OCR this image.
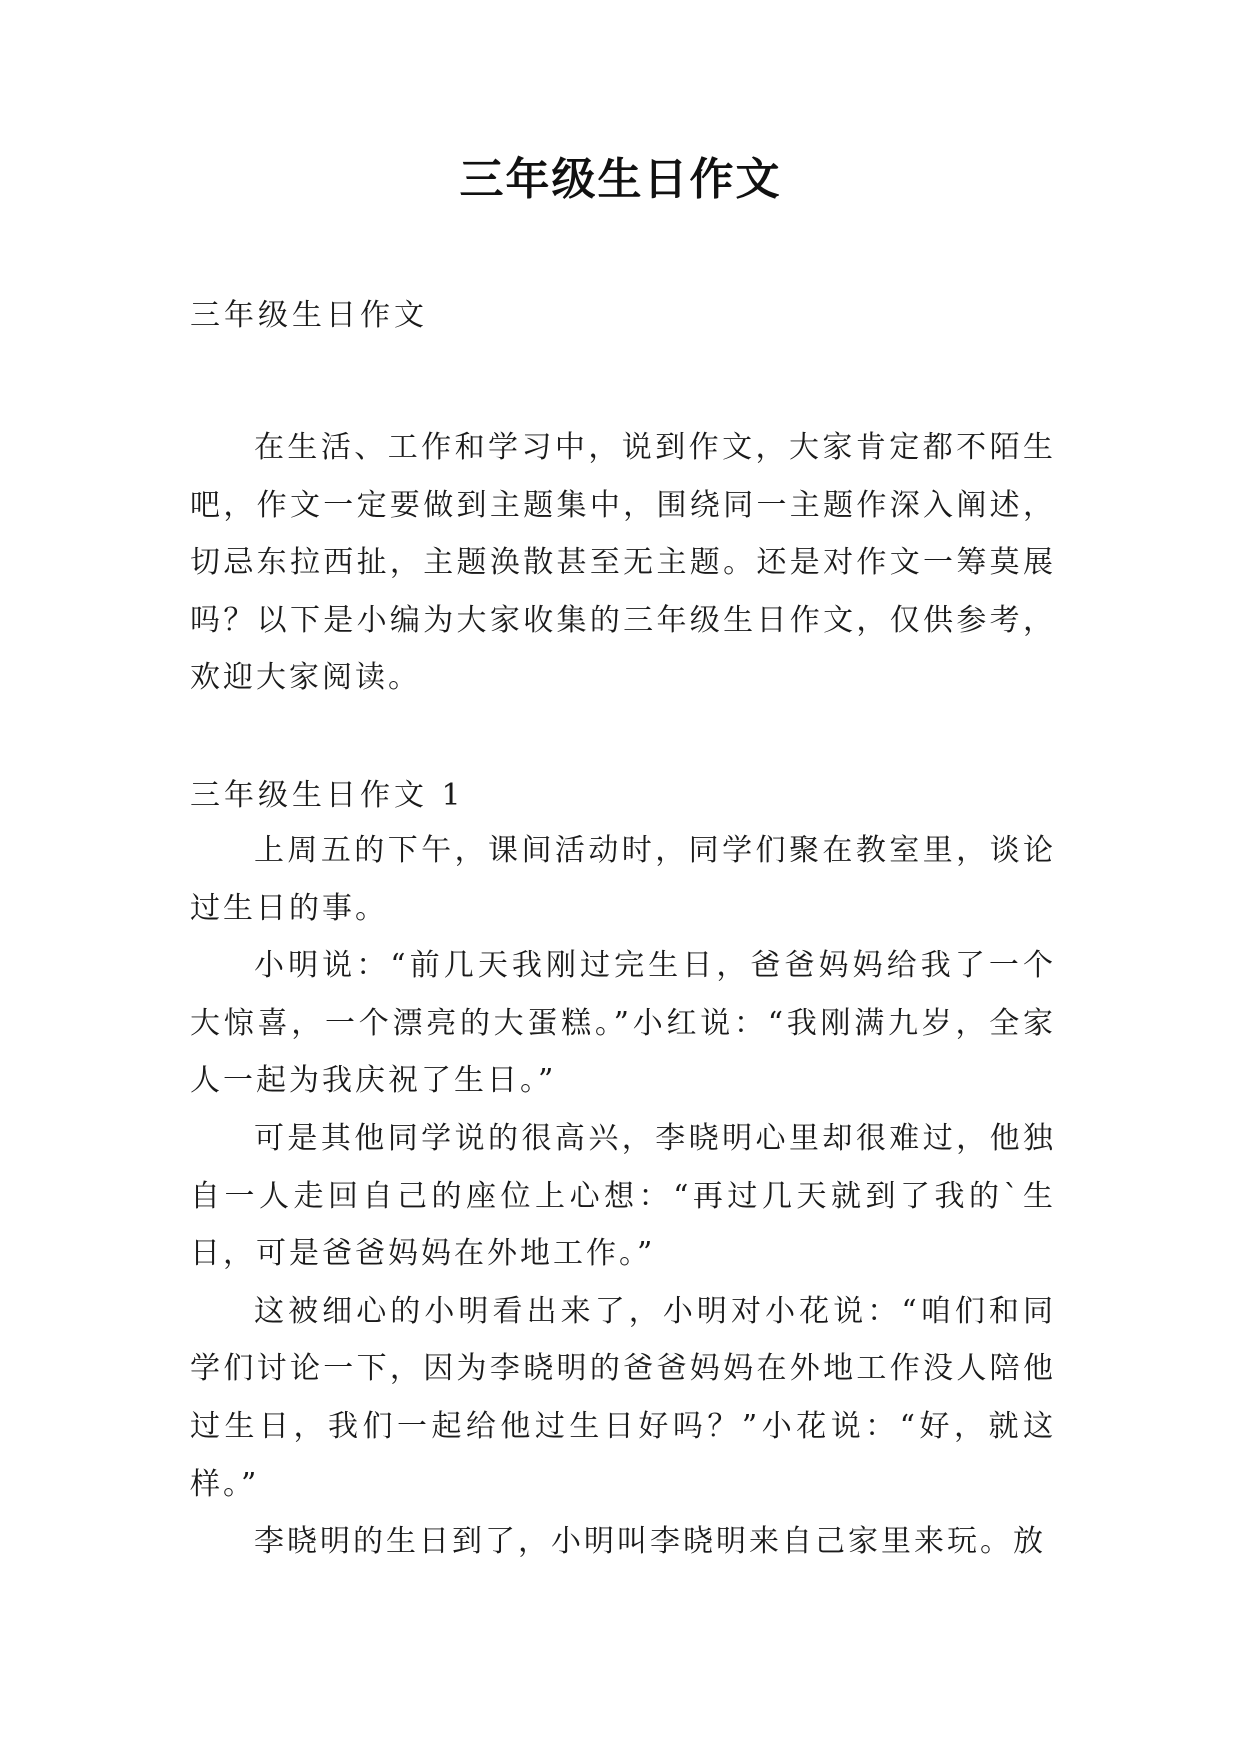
三年级生日作文

三年级生日作文

在生活、工作和学习中，说到作文，大家肯定都不陌生吧，作文一定要做到主题集中，围绕同一主题作深入阐述，切忌东拉西扯，主题涣散甚至无主题。还是对作文一筹莫展吗？以下是小编为大家收集的三年级生日作文，仅供参考，欢迎大家阅读。

三年级生日作文 1

上周五的下午，课间活动时，同学们聚在教室里，谈论过生日的事。

小明说：“前几天我刚过完生日，爸爸妈妈给我了一个大惊喜，一个漂亮的大蛋糕。”小红说：“我刚满九岁，全家人一起为我庆祝了生日。”

可是其他同学说的很高兴，李晓明心里却很难过，他独自一人走回自己的座位上心想：“再过几天就到了我的`生日，可是爸爸妈妈在外地工作。”

这被细心的小明看出来了，小明对小花说：“咱们和同学们讨论一下，因为李晓明的爸爸妈妈在外地工作没人陪他过生日，我们一起给他过生日好吗？”小花说：“好，就这样。”

李晓明的生日到了，小明叫李晓明来自己家里来玩。放
